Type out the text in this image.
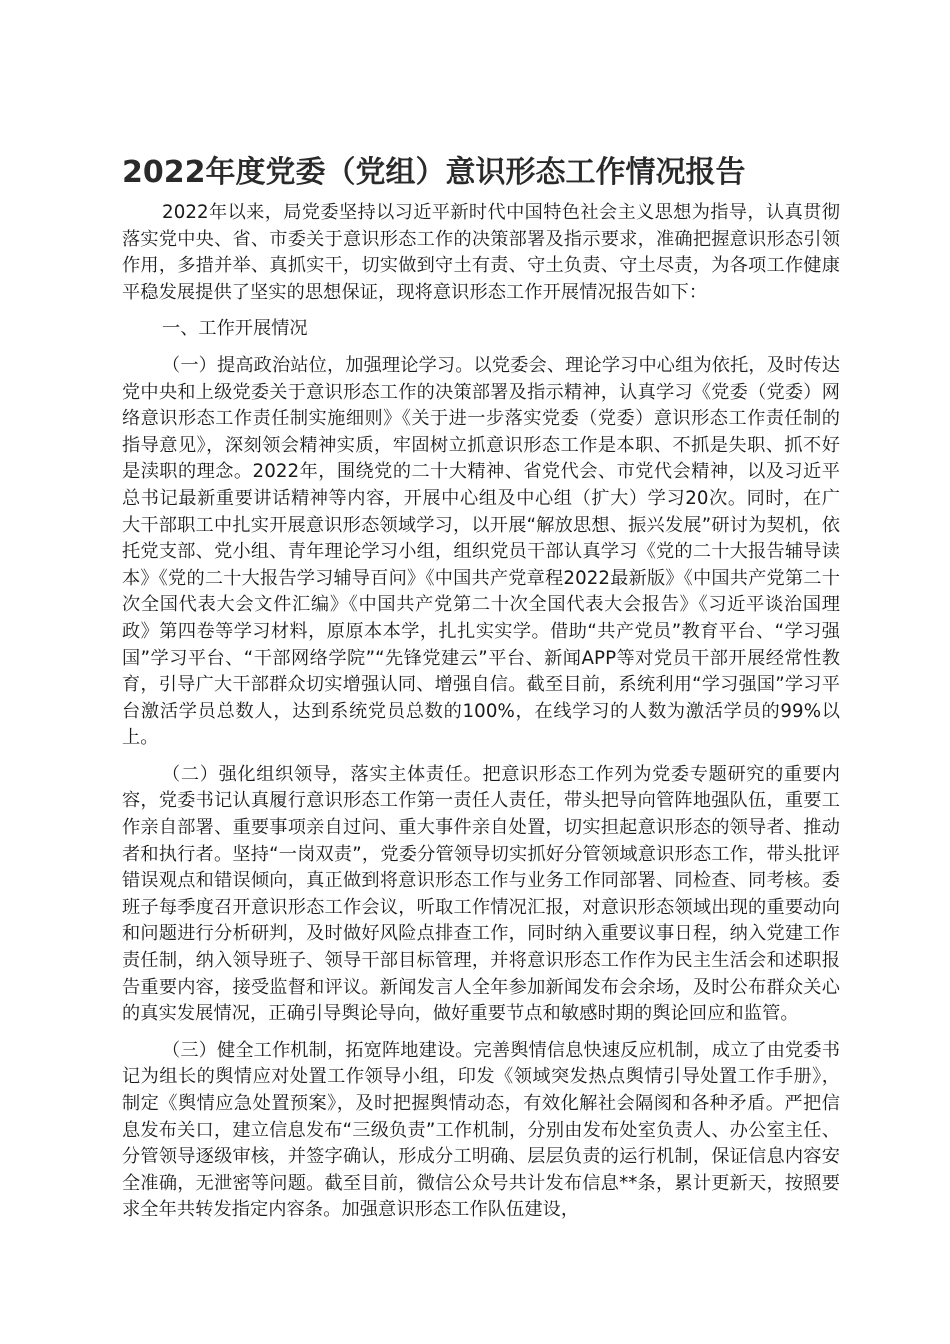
2022年度党委（党组）意识形态工作情况报告

2022年以来，局党委坚持以习近平新时代中国特色社会主义思想为指导，认真贯彻落实党中央、省、市委关于意识形态工作的决策部署及指示要求，准确把握意识形态引领作用，多措并举、真抓实干，切实做到守土有责、守土负责、守土尽责，为各项工作健康平稳发展提供了坚实的思想保证，现将意识形态工作开展情况报告如下：

一、工作开展情况

（一）提高政治站位，加强理论学习。以党委会、理论学习中心组为依托，及时传达党中央和上级党委关于意识形态工作的决策部署及指示精神，认真学习《党委（党委）网络意识形态工作责任制实施细则》《关于进一步落实党委（党委）意识形态工作责任制的指导意见》，深刻领会精神实质，牢固树立抓意识形态工作是本职、不抓是失职、抓不好是渎职的理念。2022年，围绕党的二十大精神、省党代会、市党代会精神，以及习近平总书记最新重要讲话精神等内容，开展中心组及中心组（扩大）学习20次。同时，在广大干部职工中扎实开展意识形态领域学习，以开展“解放思想、振兴发展”研讨为契机，依托党支部、党小组、青年理论学习小组，组织党员干部认真学习《党的二十大报告辅导读本》《党的二十大报告学习辅导百问》《中国共产党章程2022最新版》《中国共产党第二十次全国代表大会文件汇编》《中国共产党第二十次全国代表大会报告》《习近平谈治国理政》第四卷等学习材料，原原本本学，扎扎实实学。借助“共产党员”教育平台、“学习强国”学习平台、“干部网络学院”“先锋党建云”平台、新闻APP等对党员干部开展经常性教育，引导广大干部群众切实增强认同、增强自信。截至目前，系统利用“学习强国”学习平台激活学员总数人，达到系统党员总数的100%，在线学习的人数为激活学员的99%以上。

（二）强化组织领导，落实主体责任。把意识形态工作列为党委专题研究的重要内容，党委书记认真履行意识形态工作第一责任人责任，带头把导向管阵地强队伍，重要工作亲自部署、重要事项亲自过问、重大事件亲自处置，切实担起意识形态的领导者、推动者和执行者。坚持“一岗双责”，党委分管领导切实抓好分管领域意识形态工作，带头批评错误观点和错误倾向，真正做到将意识形态工作与业务工作同部署、同检查、同考核。委班子每季度召开意识形态工作会议，听取工作情况汇报，对意识形态领域出现的重要动向和问题进行分析研判，及时做好风险点排查工作，同时纳入重要议事日程，纳入党建工作责任制，纳入领导班子、领导干部目标管理，并将意识形态工作作为民主生活会和述职报告重要内容，接受监督和评议。新闻发言人全年参加新闻发布会余场，及时公布群众关心的真实发展情况，正确引导舆论导向，做好重要节点和敏感时期的舆论回应和监管。

（三）健全工作机制，拓宽阵地建设。完善舆情信息快速反应机制，成立了由党委书记为组长的舆情应对处置工作领导小组，印发《领域突发热点舆情引导处置工作手册》，制定《舆情应急处置预案》，及时把握舆情动态，有效化解社会隔阂和各种矛盾。严把信息发布关口，建立信息发布“三级负责”工作机制，分别由发布处室负责人、办公室主任、分管领导逐级审核，并签字确认，形成分工明确、层层负责的运行机制，保证信息内容安全准确，无泄密等问题。截至目前，微信公众号共计发布信息**条，累计更新天，按照要求全年共转发指定内容条。加强意识形态工作队伍建设，
